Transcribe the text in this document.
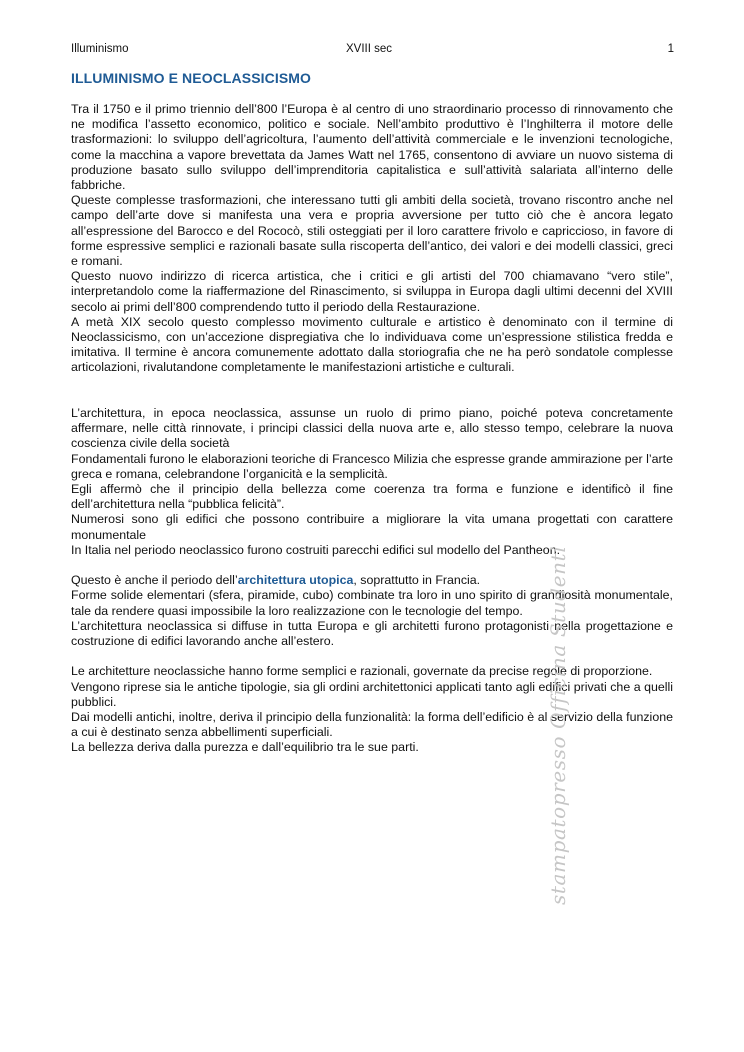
Illuminismo	XVIII sec	1
ILLUMINISMO E NEOCLASSICISMO

Tra il 1750 e il primo triennio dell’800 l’Europa è al centro di uno straordinario processo di rinnovamento che ne modifica l’assetto economico, politico e sociale. Nell’ambito produttivo è l’Inghilterra il motore delle trasformazioni: lo sviluppo dell’agricoltura, l’aumento dell’attività commerciale e le invenzioni tecnologiche, come la macchina a vapore brevettata da James Watt nel 1765, consentono di avviare un nuovo sistema di produzione basato sullo sviluppo dell’imprenditoria capitalistica e sull’attività salariata all’interno delle fabbriche.

Queste complesse trasformazioni, che interessano tutti gli ambiti della società, trovano riscontro anche nel campo dell’arte dove si manifesta una vera e propria avversione per tutto ciò che è ancora legato all’espressione del Barocco e del Rococò, stili osteggiati per il loro carattere frivolo e capriccioso, in favore di forme espressive semplici e razionali basate sulla riscoperta dell’antico, dei valori e dei modelli classici, greci e romani.

Questo nuovo indirizzo di ricerca artistica, che i critici e gli artisti del 700 chiamavano “vero stile”, interpretandolo come la riaffermazione del Rinascimento, si sviluppa in Europa dagli ultimi decenni del XVIII secolo ai primi dell’800 comprendendo tutto il periodo della Restaurazione.

A metà XIX secolo questo complesso movimento culturale e artistico è denominato con il termine di Neoclassicismo, con un’accezione dispregiativa che lo individuava come un’espressione stilistica fredda e imitativa. Il termine è ancora comunemente adottato dalla storiografia che ne ha però sondatole complesse articolazioni, rivalutandone completamente le manifestazioni artistiche e culturali.

L’architettura, in epoca neoclassica, assunse un ruolo di primo piano, poiché poteva concretamente affermare, nelle città rinnovate, i principi classici della nuova arte e, allo stesso tempo, celebrare la nuova coscienza civile della società

Fondamentali furono le elaborazioni teoriche di Francesco Milizia che espresse grande ammirazione per l’arte greca e romana, celebrandone l’organicità e la semplicità.

Egli affermò che il principio della bellezza come coerenza tra forma e funzione e identificò il fine dell’architettura nella “pubblica felicità”.

Numerosi sono gli edifici che possono contribuire a migliorare la vita umana progettati con carattere monumentale

In Italia nel periodo neoclassico furono costruiti parecchi edifici sul modello del Pantheon.

Questo è anche il periodo dell’architettura utopica, soprattutto in Francia.

Forme solide elementari (sfera, piramide, cubo) combinate tra loro in uno spirito di grandiosità monumentale, tale da rendere quasi impossibile la loro realizzazione con le tecnologie del tempo.

L’architettura neoclassica si diffuse in tutta Europa e gli architetti furono protagonisti nella progettazione e costruzione di edifici lavorando anche all’estero.

Le architetture neoclassiche hanno forme semplici e razionali, governate da precise regole di proporzione.

Vengono riprese sia le antiche tipologie, sia gli ordini architettonici applicati tanto agli edifici privati che a quelli pubblici.

Dai modelli antichi, inoltre, deriva il principio della funzionalità: la forma dell’edificio è al servizio della funzione a cui è destinato senza abbellimenti superficiali.

La bellezza deriva dalla purezza e dall’equilibrio tra le sue parti.	stampatopresso Officina Studenti
